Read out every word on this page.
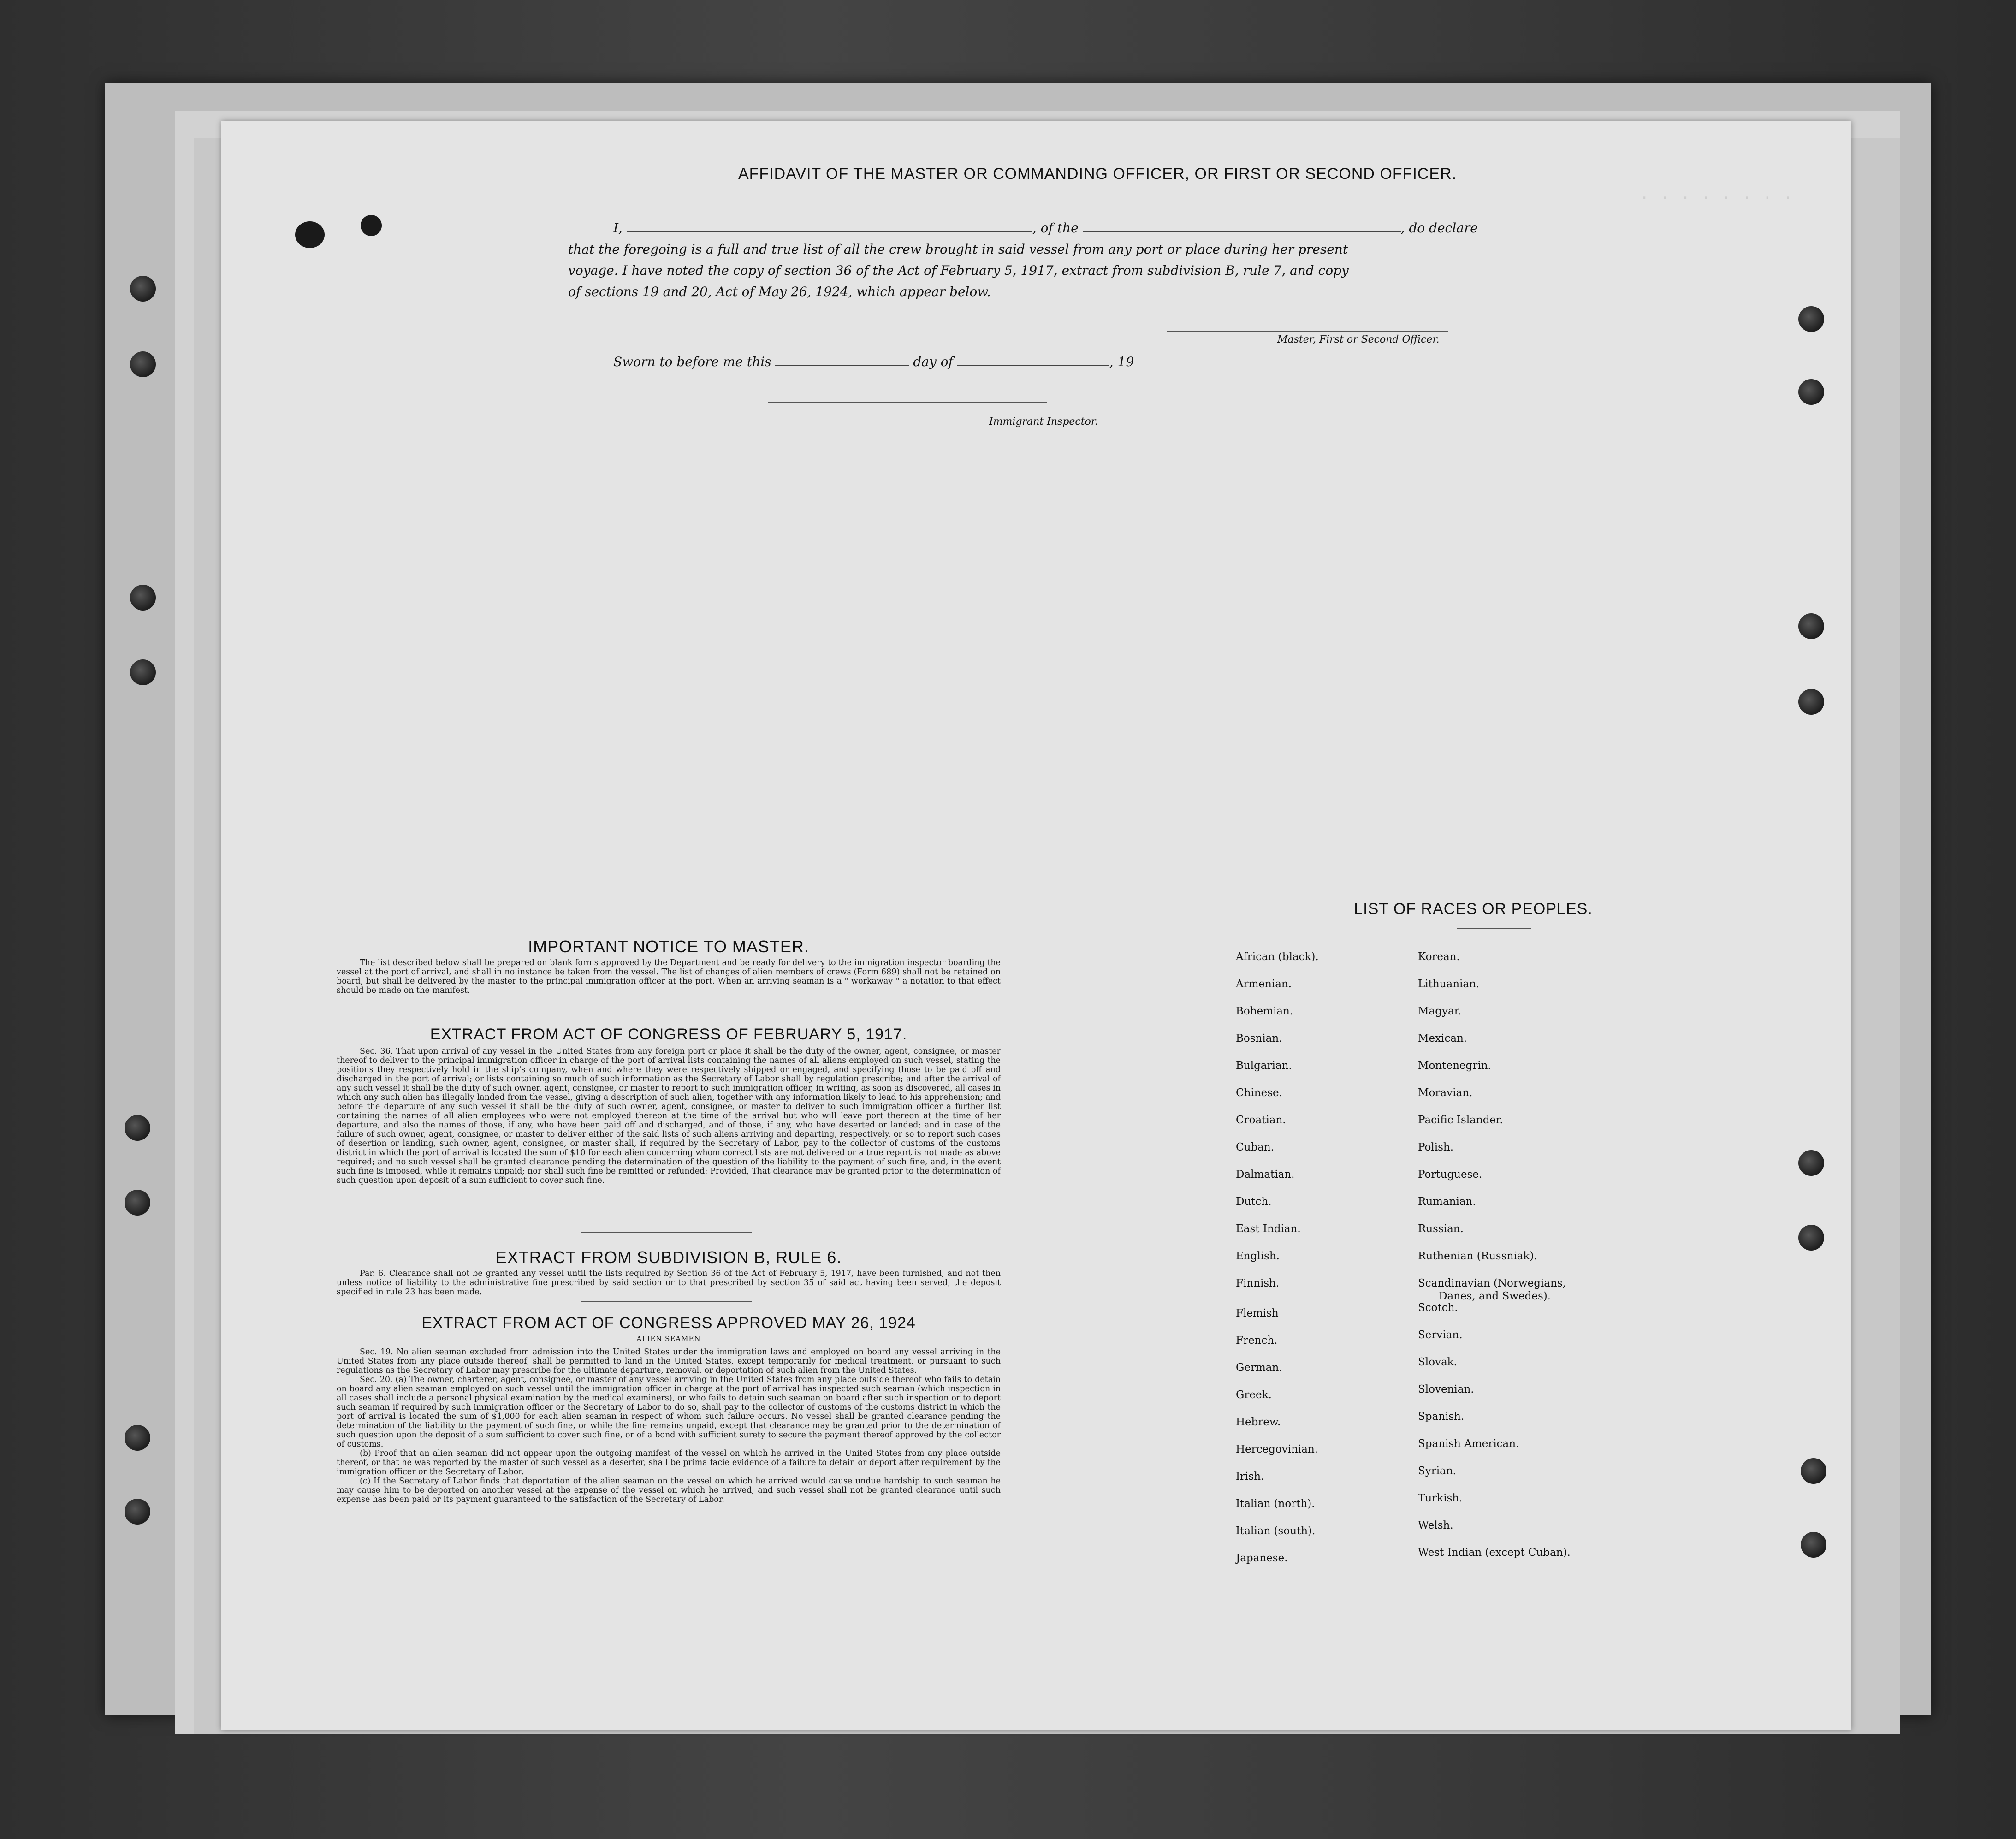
. . . . . . . .
AFFIDAVIT OF THE MASTER OR COMMANDING OFFICER, OR FIRST OR SECOND OFFICER.
I,	, of the	, do declare
that the foregoing is a full and true list of all the crew brought in said vessel from any port or place during her present
voyage. I have noted the copy of section 36 of the Act of February 5, 1917, extract from subdivision B, rule 7, and copy
of sections 19 and 20, Act of May 26, 1924, which appear below.
Master, First or Second Officer.
Sworn to before me this	day of	, 19
Immigrant Inspector.
IMPORTANT NOTICE TO MASTER.

The list described below shall be prepared on blank forms approved by the Department and be ready for delivery to the immigration inspector boarding the vessel at the port of arrival, and shall in no instance be taken from the vessel. The list of changes of alien members of crews (Form 689) shall not be retained on board, but shall be delivered by the master to the principal immigration officer at the port. When an arriving seaman is a " workaway " a notation to that effect should be made on the manifest.

EXTRACT FROM ACT OF CONGRESS OF FEBRUARY 5, 1917.

Sec. 36. That upon arrival of any vessel in the United States from any foreign port or place it shall be the duty of the owner, agent, consignee, or master thereof to deliver to the principal immigration officer in charge of the port of arrival lists containing the names of all aliens employed on such vessel, stating the positions they respectively hold in the ship's company, when and where they were respectively shipped or engaged, and specifying those to be paid off and discharged in the port of arrival; or lists containing so much of such information as the Secretary of Labor shall by regulation prescribe; and after the arrival of any such vessel it shall be the duty of such owner, agent, consignee, or master to report to such immigration officer, in writing, as soon as discovered, all cases in which any such alien has illegally landed from the vessel, giving a description of such alien, together with any information likely to lead to his apprehension; and before the departure of any such vessel it shall be the duty of such owner, agent, consignee, or master to deliver to such immigration officer a further list containing the names of all alien employees who were not employed thereon at the time of the arrival but who will leave port thereon at the time of her departure, and also the names of those, if any, who have been paid off and discharged, and of those, if any, who have deserted or landed; and in case of the failure of such owner, agent, consignee, or master to deliver either of the said lists of such aliens arriving and departing, respectively, or so to report such cases of desertion or landing, such owner, agent, consignee, or master shall, if required by the Secretary of Labor, pay to the collector of customs of the customs district in which the port of arrival is located the sum of $10 for each alien concerning whom correct lists are not delivered or a true report is not made as above required; and no such vessel shall be granted clearance pending the determination of the question of the liability to the payment of such fine, and, in the event such fine is imposed, while it remains unpaid; nor shall such fine be remitted or refunded: Provided, That clearance may be granted prior to the determination of such question upon deposit of a sum sufficient to cover such fine.

EXTRACT FROM SUBDIVISION B, RULE 6.

Par. 6. Clearance shall not be granted any vessel until the lists required by Section 36 of the Act of February 5, 1917, have been furnished, and not then unless notice of liability to the administrative fine prescribed by said section or to that prescribed by section 35 of said act having been served, the deposit specified in rule 23 has been made.

EXTRACT FROM ACT OF CONGRESS APPROVED MAY 26, 1924
ALIEN SEAMEN

Sec. 19. No alien seaman excluded from admission into the United States under the immigration laws and employed on board any vessel arriving in the United States from any place outside thereof, shall be permitted to land in the United States, except temporarily for medical treatment, or pursuant to such regulations as the Secretary of Labor may prescribe for the ultimate departure, removal, or deportation of such alien from the United States.

Sec. 20. (a) The owner, charterer, agent, consignee, or master of any vessel arriving in the United States from any place outside thereof who fails to detain on board any alien seaman employed on such vessel until the immigration officer in charge at the port of arrival has inspected such seaman (which inspection in all cases shall include a personal physical examination by the medical examiners), or who fails to detain such seaman on board after such inspection or to deport such seaman if required by such immigration officer or the Secretary of Labor to do so, shall pay to the collector of customs of the customs district in which the port of arrival is located the sum of $1,000 for each alien seaman in respect of whom such failure occurs. No vessel shall be granted clearance pending the determination of the liability to the payment of such fine, or while the fine remains unpaid, except that clearance may be granted prior to the determination of such question upon the deposit of a sum sufficient to cover such fine, or of a bond with sufficient surety to secure the payment thereof approved by the collector of customs.

(b) Proof that an alien seaman did not appear upon the outgoing manifest of the vessel on which he arrived in the United States from any place outside thereof, or that he was reported by the master of such vessel as a deserter, shall be prima facie evidence of a failure to detain or deport after requirement by the immigration officer or the Secretary of Labor.

(c) If the Secretary of Labor finds that deportation of the alien seaman on the vessel on which he arrived would cause undue hardship to such seaman he may cause him to be deported on another vessel at the expense of the vessel on which he arrived, and such vessel shall not be granted clearance until such expense has been paid or its payment guaranteed to the satisfaction of the Secretary of Labor.

LIST OF RACES OR PEOPLES.
African (black).
Armenian.
Bohemian.
Bosnian.
Bulgarian.
Chinese.
Croatian.
Cuban.
Dalmatian.
Dutch.
East Indian.
English.
Finnish.
Flemish
French.
German.
Greek.
Hebrew.
Hercegovinian.
Irish.
Italian (north).
Italian (south).
Japanese.
Korean.
Lithuanian.
Magyar.
Mexican.
Montenegrin.
Moravian.
Pacific Islander.
Polish.
Portuguese.
Rumanian.
Russian.
Ruthenian (Russniak).
Scandinavian (Norwegians,
Scotch.
Servian.
Slovak.
Slovenian.
Spanish.
Spanish American.
Syrian.
Turkish.
Welsh.
West Indian (except Cuban).
Danes, and Swedes).
